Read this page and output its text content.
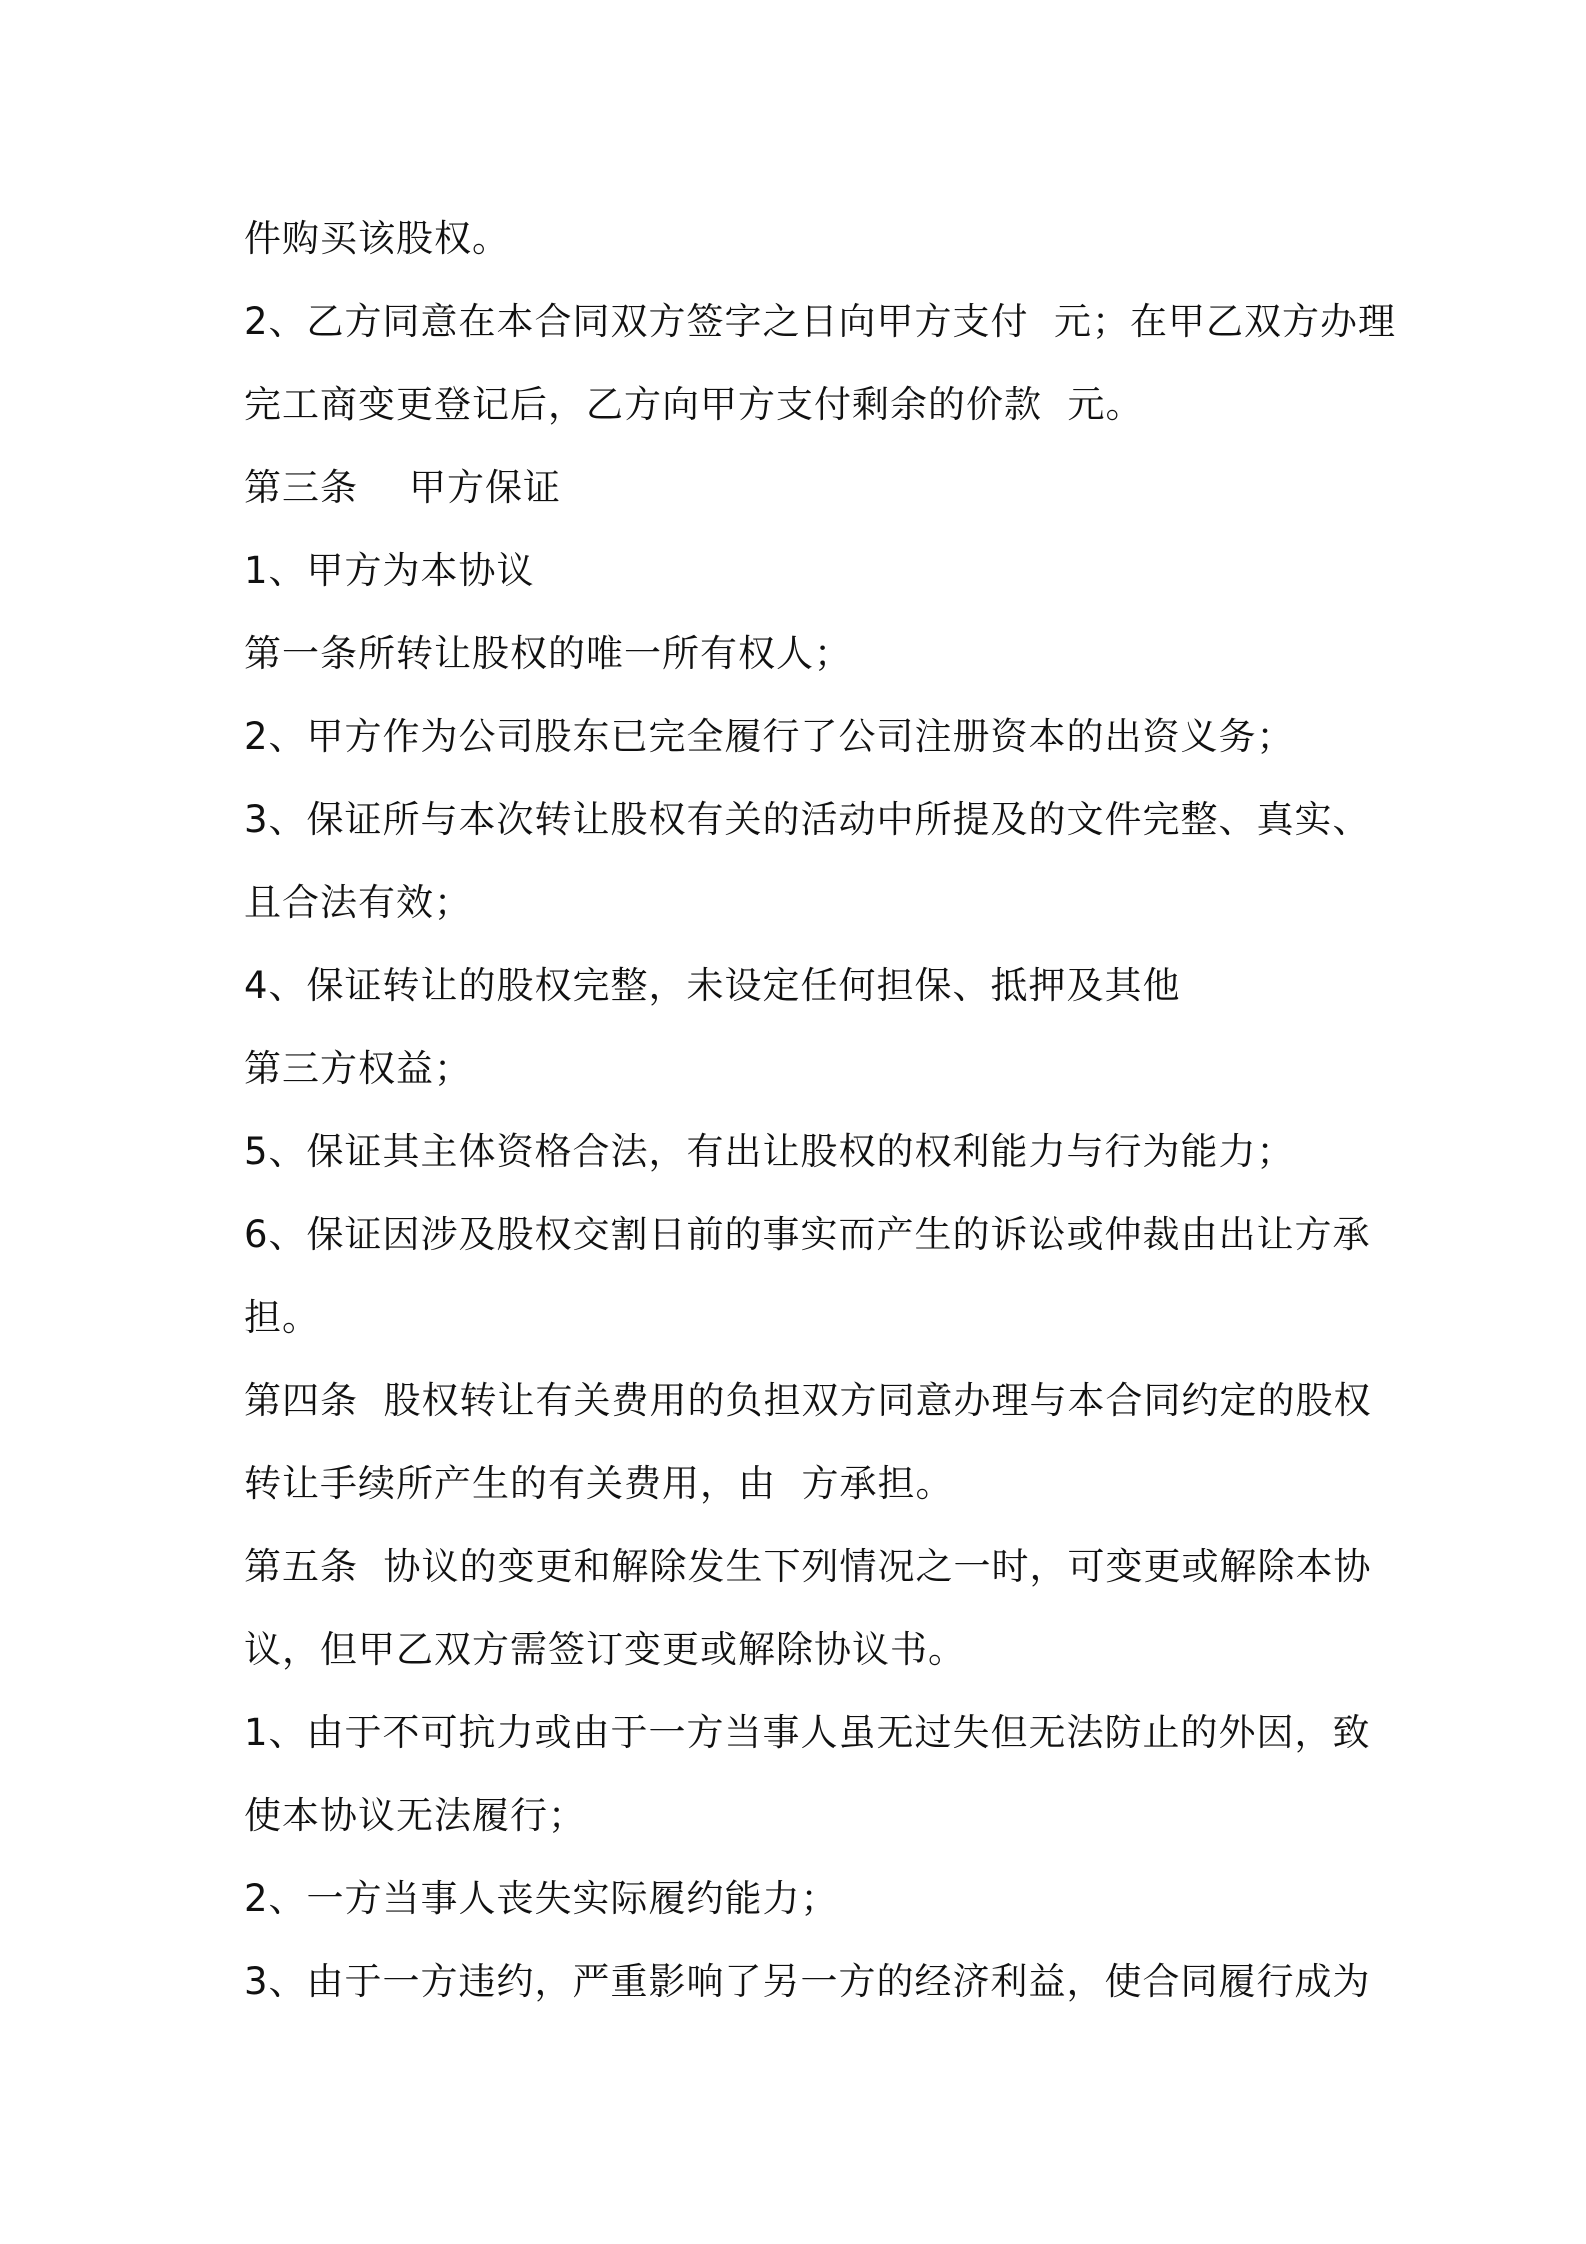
件购买该股权。
2、乙方同意在本合同双方签字之日向甲方支付  元；在甲乙双方办理
完工商变更登记后，乙方向甲方支付剩余的价款  元。
第三条    甲方保证
1、甲方为本协议
第一条所转让股权的唯一所有权人；
2、甲方作为公司股东已完全履行了公司注册资本的出资义务；
3、保证所与本次转让股权有关的活动中所提及的文件完整、真实、
且合法有效；
4、保证转让的股权完整，未设定任何担保、抵押及其他
第三方权益；
5、保证其主体资格合法，有出让股权的权利能力与行为能力；
6、保证因涉及股权交割日前的事实而产生的诉讼或仲裁由出让方承
担。
第四条  股权转让有关费用的负担双方同意办理与本合同约定的股权
转让手续所产生的有关费用，由  方承担。
第五条  协议的变更和解除发生下列情况之一时，可变更或解除本协
议，但甲乙双方需签订变更或解除协议书。
1、由于不可抗力或由于一方当事人虽无过失但无法防止的外因，致
使本协议无法履行；
2、一方当事人丧失实际履约能力；
3、由于一方违约，严重影响了另一方的经济利益，使合同履行成为
